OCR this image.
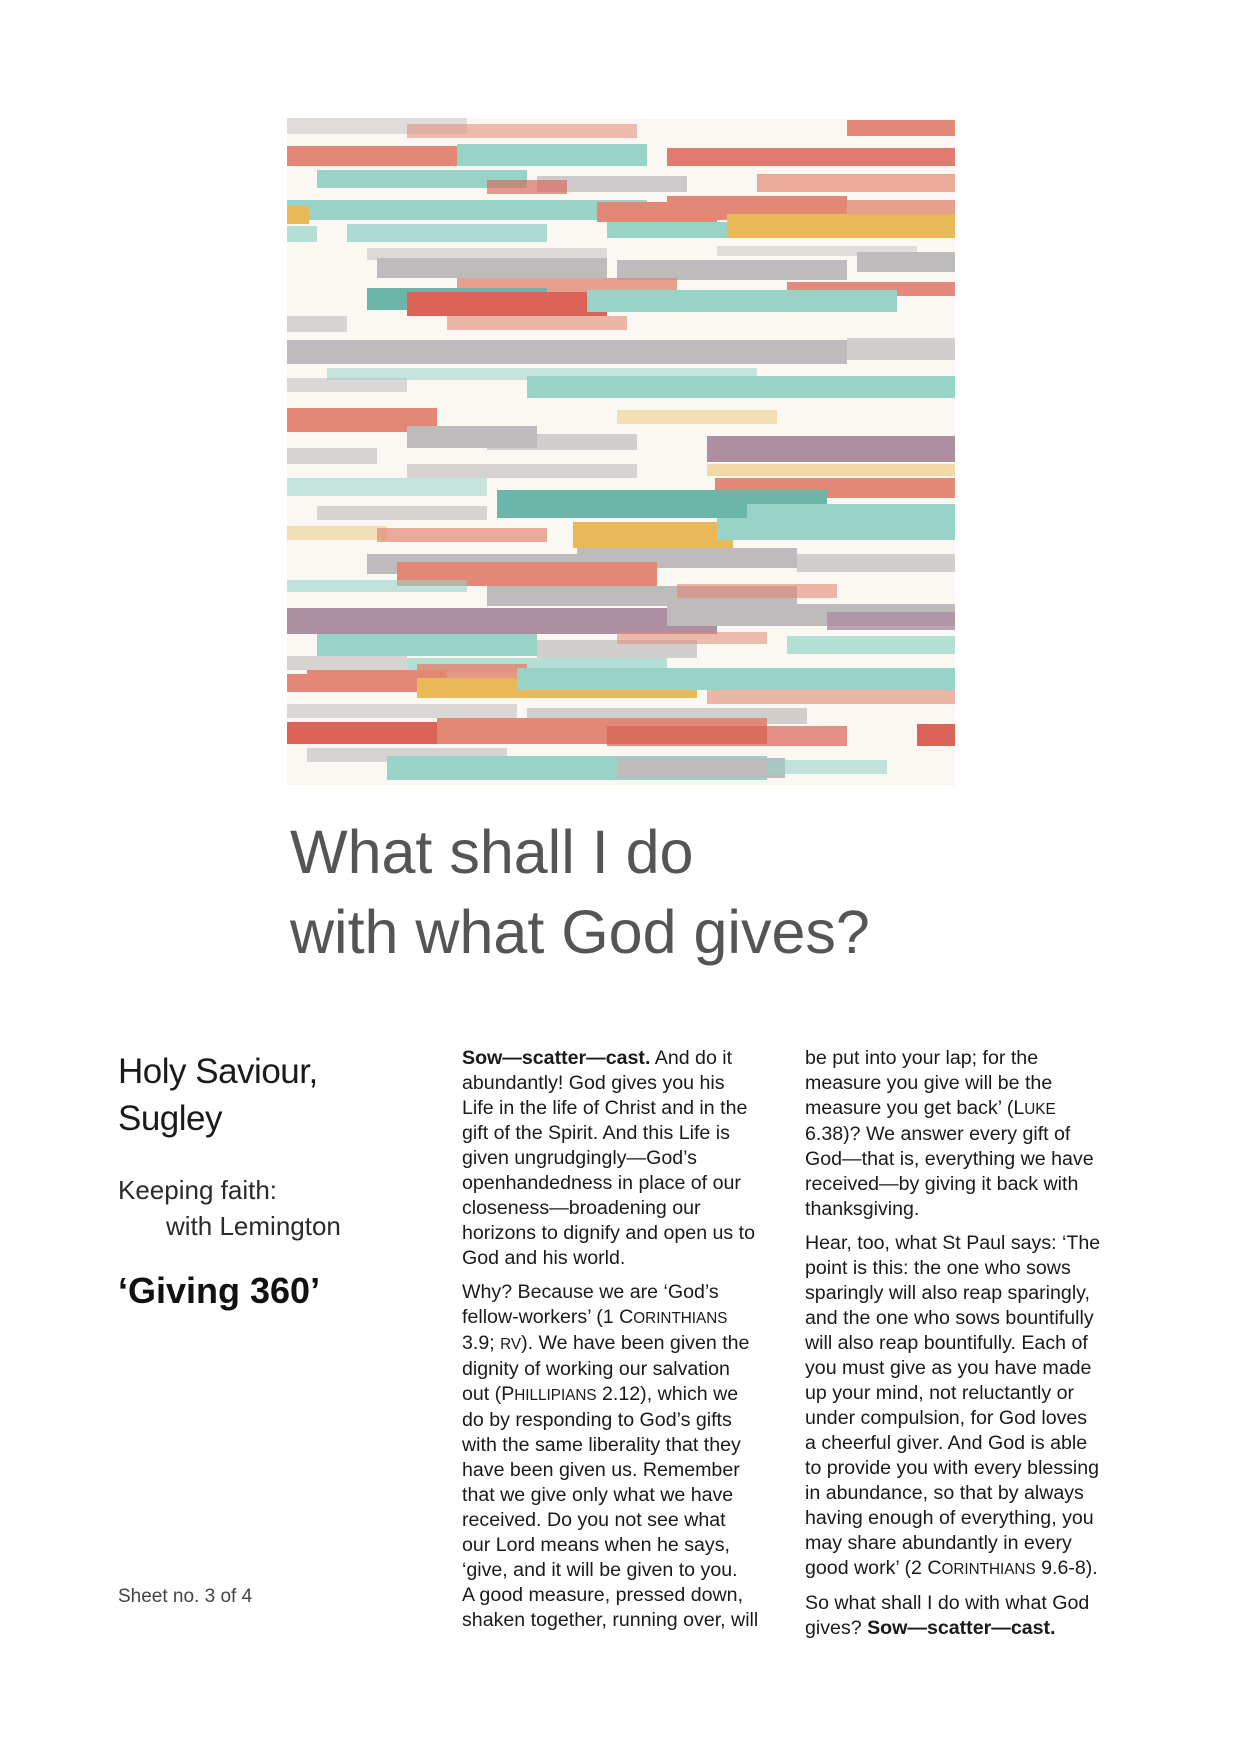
What shall I do
with what God gives?
Holy Saviour,
Sugley
Keeping faith:
with Lemington
‘Giving 360’
Sheet no. 3 of 4

Sow—scatter—cast. And do it
abundantly! God gives you his
Life in the life of Christ and in the
gift of the Spirit. And this Life is
given ungrudgingly—God’s
openhandedness in place of our
closeness—broadening our
horizons to dignify and open us to
God and his world.

Why? Because we are ‘God’s
fellow-workers’ (1 CORINTHIANS
3.9; RV). We have been given the
dignity of working our salvation
out (PHILLIPIANS 2.12), which we
do by responding to God’s gifts
with the same liberality that they
have been given us. Remember
that we give only what we have
received. Do you not see what
our Lord means when he says,
‘give, and it will be given to you.
A good measure, pressed down,
shaken together, running over, will

be put into your lap; for the
measure you give will be the
measure you get back’ (LUKE
6.38)? We answer every gift of
God—that is, everything we have
received—by giving it back with
thanksgiving.

Hear, too, what St Paul says: ‘The
point is this: the one who sows
sparingly will also reap sparingly,
and the one who sows bountifully
will also reap bountifully. Each of
you must give as you have made
up your mind, not reluctantly or
under compulsion, for God loves
a cheerful giver. And God is able
to provide you with every blessing
in abundance, so that by always
having enough of everything, you
may share abundantly in every
good work’ (2 CORINTHIANS 9.6-8).

So what shall I do with what God
gives? Sow—scatter—cast.
